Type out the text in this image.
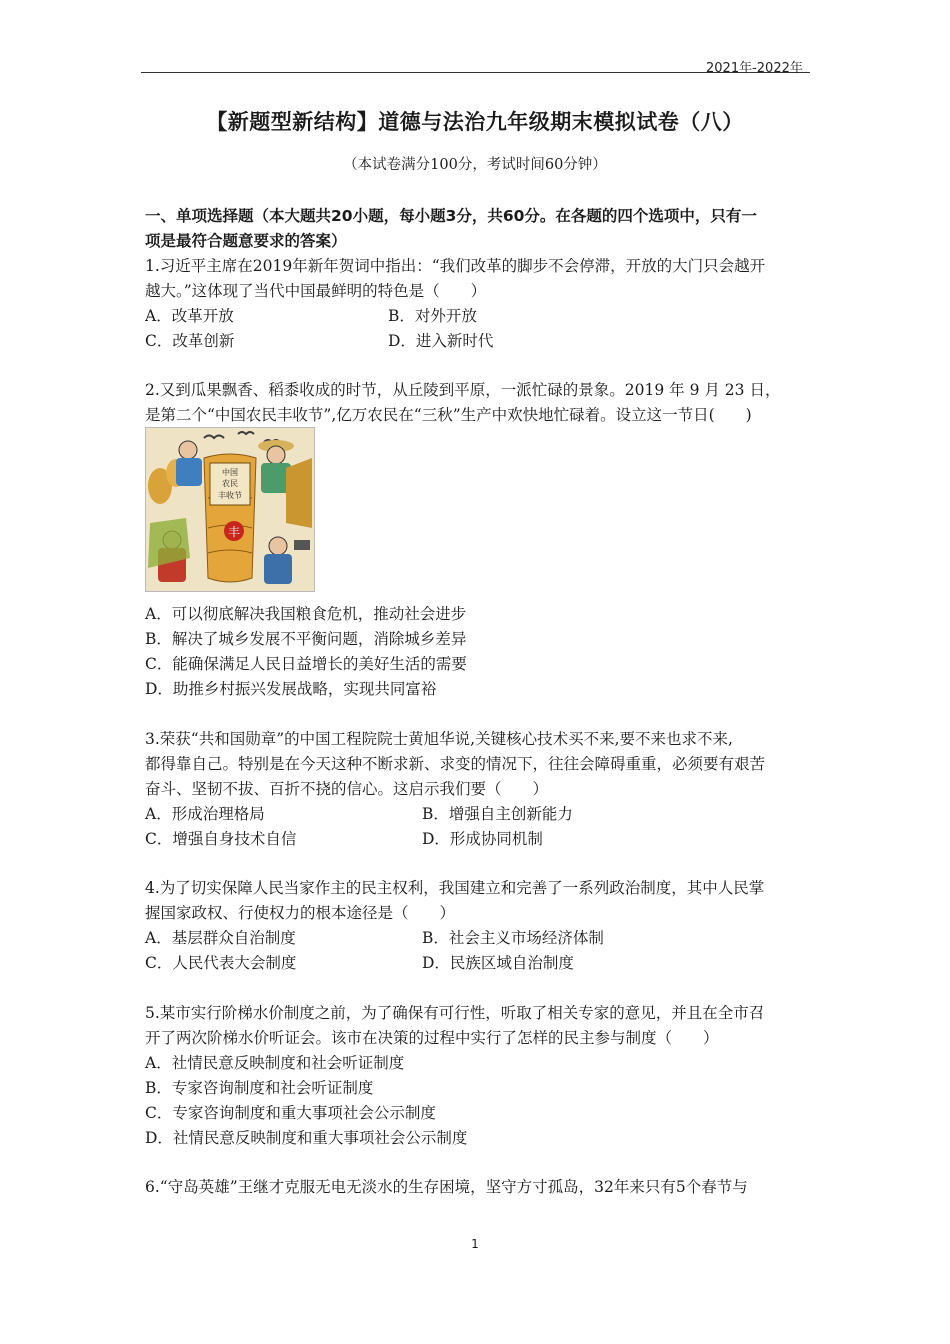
2021年-2022年
【新题型新结构】道德与法治九年级期末模拟试卷（八）
（本试卷满分100分，考试时间60分钟）
一、单项选择题（本大题共20小题，每小题3分，共60分。在各题的四个选项中，只有一
项是最符合题意要求的答案）
1.习近平主席在2019年新年贺词中指出：“我们改革的脚步不会停滞，开放的大门只会越开
越大。”这体现了当代中国最鲜明的特色是（　　）
A．改革开放	B．对外开放
C．改革创新	D．进入新时代
2.又到瓜果飘香、稻黍收成的时节，从丘陵到平原，一派忙碌的景象。2019 年 9 月 23 日，
是第二个“中国农民丰收节”,亿万农民在“三秋”生产中欢快地忙碌着。设立这一节日(　　)
中国
农民
丰收节
丰
A．可以彻底解决我国粮食危机，推动社会进步
B．解决了城乡发展不平衡问题，消除城乡差异
C．能确保满足人民日益增长的美好生活的需要
D．助推乡村振兴发展战略，实现共同富裕
3.荣获“共和国勋章”的中国工程院院士黄旭华说,关键核心技术买不来,要不来也求不来,
都得靠自己。特别是在今天这种不断求新、求变的情况下，往往会障碍重重，必须要有艰苦
奋斗、坚韧不拔、百折不挠的信心。这启示我们要（　　）
A．形成治理格局	B．增强自主创新能力
C．增强自身技术自信	D．形成协同机制
4.为了切实保障人民当家作主的民主权利，我国建立和完善了一系列政治制度，其中人民掌
握国家政权、行使权力的根本途径是（　　）
A．基层群众自治制度	B．社会主义市场经济体制
C．人民代表大会制度	D．民族区域自治制度
5.某市实行阶梯水价制度之前，为了确保有可行性，听取了相关专家的意见，并且在全市召
开了两次阶梯水价听证会。该市在决策的过程中实行了怎样的民主参与制度（　　）
A．社情民意反映制度和社会听证制度
B．专家咨询制度和社会听证制度
C．专家咨询制度和重大事项社会公示制度
D．社情民意反映制度和重大事项社会公示制度
6.“守岛英雄”王继才克服无电无淡水的生存困境，坚守方寸孤岛，32年来只有5个春节与
1
